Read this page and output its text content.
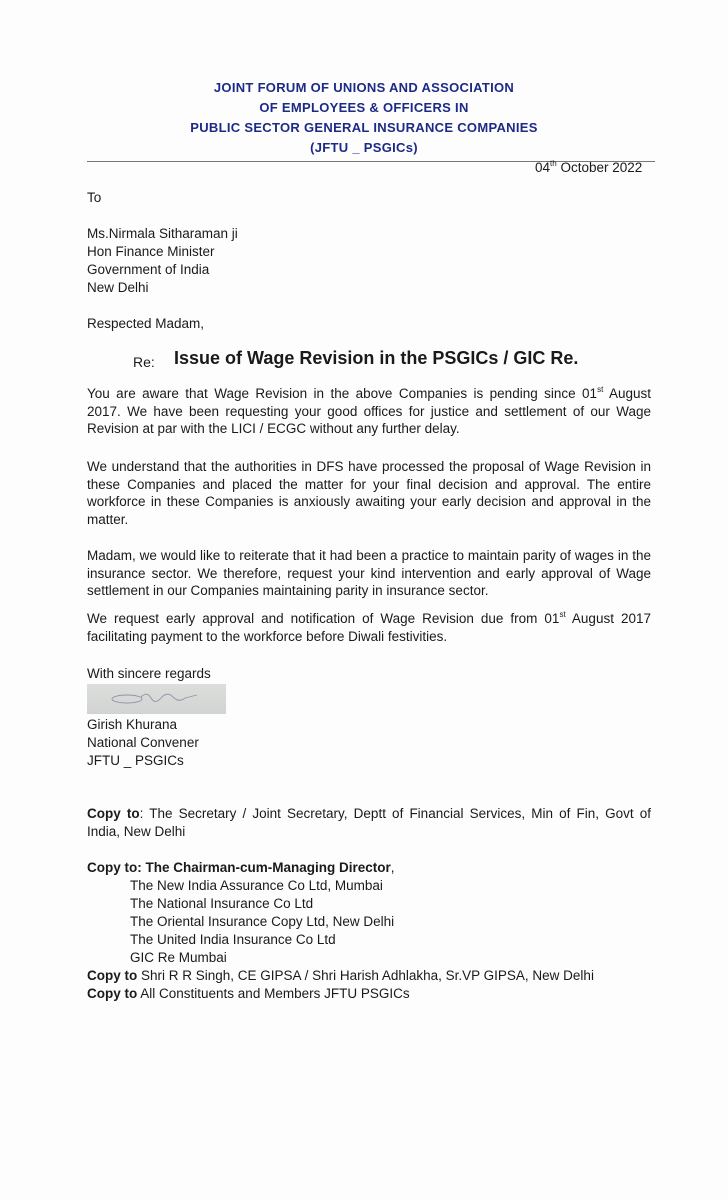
JOINT FORUM OF UNIONS AND ASSOCIATION
OF EMPLOYEES & OFFICERS IN
PUBLIC SECTOR GENERAL INSURANCE COMPANIES
(JFTU _ PSGICs)
04th October 2022
To
Ms.Nirmala Sitharaman ji
Hon Finance Minister
Government of India
New Delhi
Respected Madam,
Re: Issue of Wage Revision in the PSGICs / GIC Re.
You are aware that Wage Revision in the above Companies is pending since 01st August 2017. We have been requesting your good offices for justice and settlement of our Wage Revision at par with the LICI / ECGC without any further delay.
We understand that the authorities in DFS have processed the proposal of Wage Revision in these Companies and placed the matter for your final decision and approval. The entire workforce in these Companies is anxiously awaiting your early decision and approval in the matter.
Madam, we would like to reiterate that it had been a practice to maintain parity of wages in the insurance sector. We therefore, request your kind intervention and early approval of Wage settlement in our Companies maintaining parity in insurance sector.
We request early approval and notification of Wage Revision due from 01st August 2017 facilitating payment to the workforce before Diwali festivities.
With sincere regards
Girish Khurana
National Convener
JFTU _ PSGICs
Copy to: The Secretary / Joint Secretary, Deptt of Financial Services, Min of Fin, Govt of India, New Delhi
Copy to: The Chairman-cum-Managing Director,
The New India Assurance Co Ltd, Mumbai
The National Insurance Co Ltd
The Oriental Insurance Copy Ltd, New Delhi
The United India Insurance Co Ltd
GIC Re Mumbai
Copy to Shri R R Singh, CE GIPSA / Shri Harish Adhlakha, Sr.VP GIPSA, New Delhi
Copy to All Constituents and Members JFTU PSGICs
